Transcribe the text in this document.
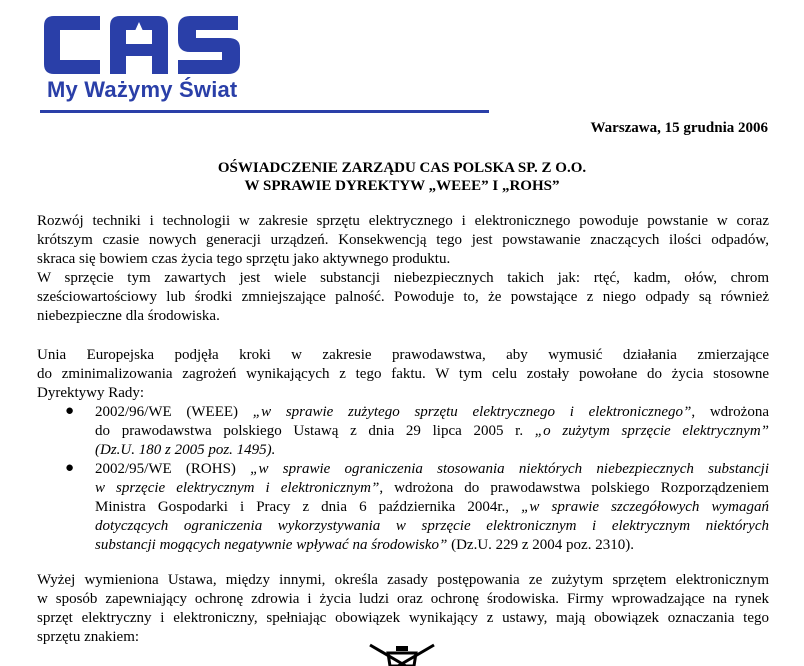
My Ważymy Świat
Warszawa, 15 grudnia 2006
OŚWIADCZENIE ZARZĄDU CAS POLSKA SP. Z O.O.
W SPRAWIE DYREKTYW „WEEE” I „ROHS”
Rozwój techniki i technologii w zakresie sprzętu elektrycznego i elektronicznego powoduje powstanie w coraz
krótszym czasie nowych generacji urządzeń. Konsekwencją tego jest powstawanie znaczących ilości odpadów,
skraca się bowiem czas życia tego sprzętu jako aktywnego produktu.
W sprzęcie tym zawartych jest wiele substancji niebezpiecznych takich jak: rtęć, kadm, ołów, chrom
sześciowartościowy lub środki zmniejszające palność. Powoduje to, że powstające z niego odpady są również
niebezpieczne dla środowiska.
Unia Europejska podjęła kroki w zakresie prawodawstwa, aby wymusić działania zmierzające
do zminimalizowania zagrożeń wynikających z tego faktu. W tym celu zostały powołane do życia stosowne
Dyrektywy Rady:
● 2002/96/WE (WEEE) „w sprawie zużytego sprzętu elektrycznego i elektronicznego”, wdrożona
do prawodawstwa polskiego Ustawą z dnia 29 lipca 2005 r. „o zużytym sprzęcie elektrycznym”
(Dz.U. 180 z 2005 poz. 1495).
● 2002/95/WE (ROHS) „w sprawie ograniczenia stosowania niektórych niebezpiecznych substancji
w sprzęcie elektrycznym i elektronicznym”, wdrożona do prawodawstwa polskiego Rozporządzeniem
Ministra Gospodarki i Pracy z dnia 6 października 2004r., „w sprawie szczegółowych wymagań
dotyczących ograniczenia wykorzystywania w sprzęcie elektronicznym i elektrycznym niektórych
substancji mogących negatywnie wpływać na środowisko” (Dz.U. 229 z 2004 poz. 2310).
Wyżej wymieniona Ustawa, między innymi, określa zasady postępowania ze zużytym sprzętem elektronicznym
w sposób zapewniający ochronę zdrowia i życia ludzi oraz ochronę środowiska. Firmy wprowadzające na rynek
sprzęt elektryczny i elektroniczny, spełniając obowiązek wynikający z ustawy, mają obowiązek oznaczania tego
sprzętu znakiem:
